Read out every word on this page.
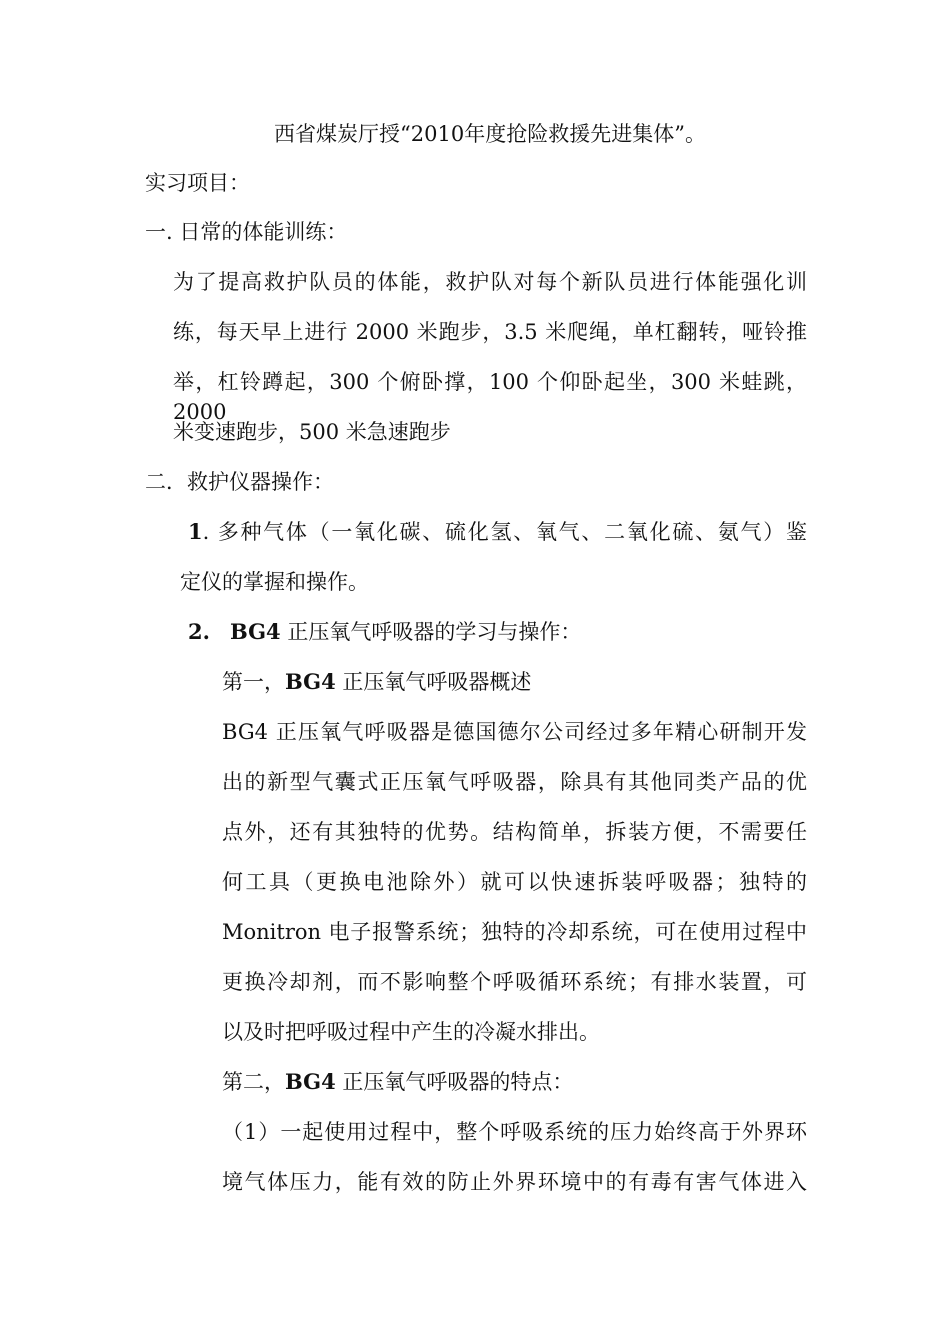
西省煤炭厅授“2010年度抢险救援先进集体”。
实习项目：
一. 日常的体能训练：
为了提高救护队员的体能，救护队对每个新队员进行体能强化训
练，每天早上进行 2000 米跑步，3.5 米爬绳，单杠翻转，哑铃推
举，杠铃蹲起，300 个俯卧撑，100 个仰卧起坐，300 米蛙跳，2000
米变速跑步，500 米急速跑步
二．救护仪器操作：
1. 多种气体（一氧化碳、硫化氢、氧气、二氧化硫、氨气）鉴
定仪的掌握和操作。
2. BG4 正压氧气呼吸器的学习与操作：
第一，BG4 正压氧气呼吸器概述
BG4 正压氧气呼吸器是德国德尔公司经过多年精心研制开发
出的新型气囊式正压氧气呼吸器，除具有其他同类产品的优
点外，还有其独特的优势。结构简单，拆装方便，不需要任
何工具（更换电池除外）就可以快速拆装呼吸器；独特的
Monitron 电子报警系统；独特的冷却系统，可在使用过程中
更换冷却剂，而不影响整个呼吸循环系统；有排水装置，可
以及时把呼吸过程中产生的冷凝水排出。
第二，BG4 正压氧气呼吸器的特点：
（1）一起使用过程中，整个呼吸系统的压力始终高于外界环
境气体压力，能有效的防止外界环境中的有毒有害气体进入
